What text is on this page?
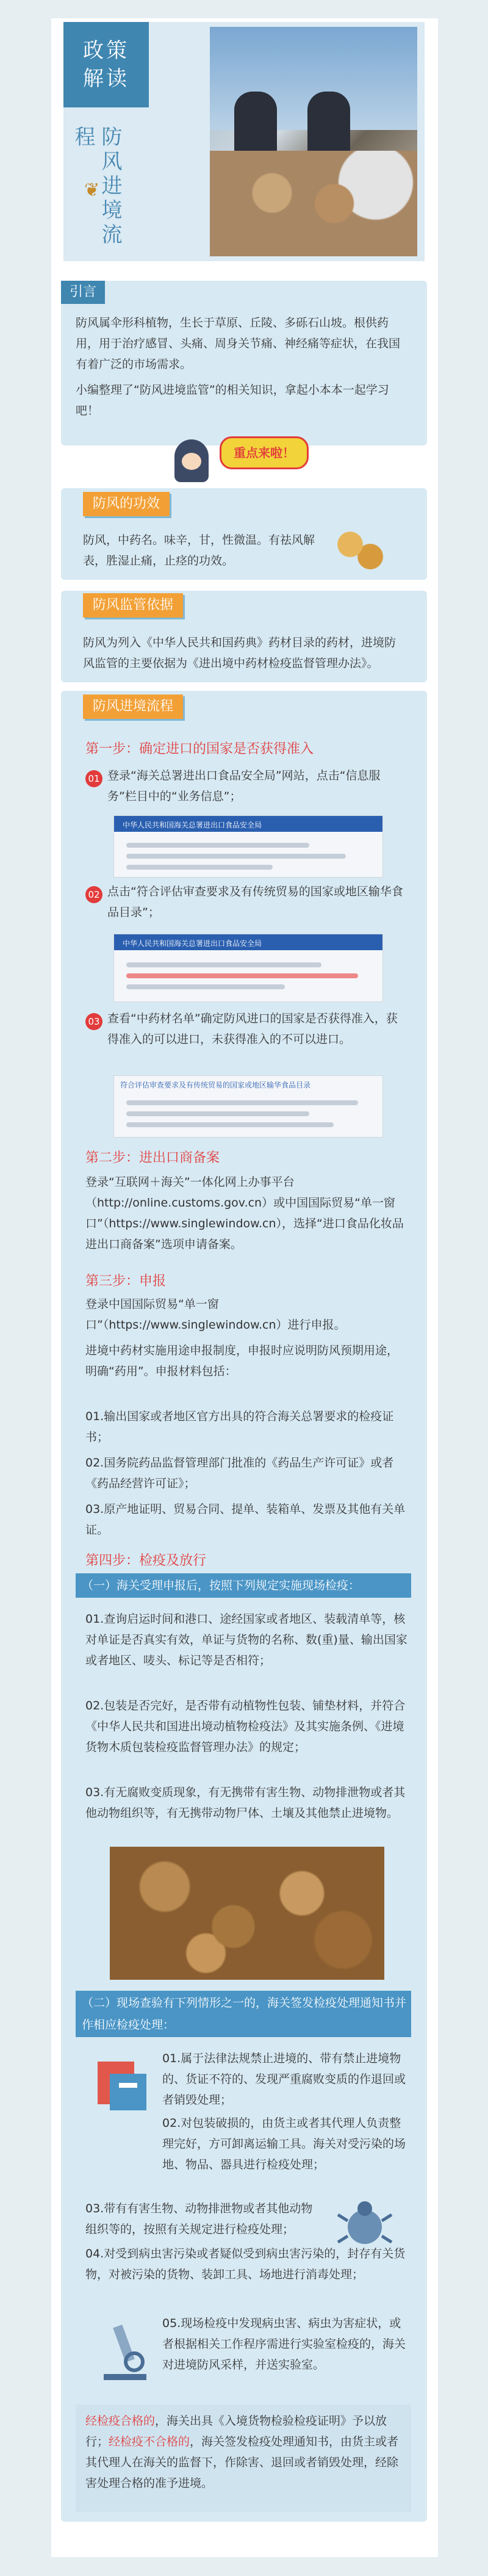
政策
解读
防风进境流程
❦
引言
防风属伞形科植物，生长于草原、丘陵、多砾石山坡。根供药用，用于治疗感冒、头痛、周身关节痛、神经痛等症状，在我国有着广泛的市场需求。
小编整理了“防风进境监管”的相关知识，拿起小本本一起学习吧！
重点来啦！
防风的功效
防风，中药名。味辛，甘，性微温。有祛风解表，胜湿止痛，止痉的功效。
防风监管依据
防风为列入《中华人民共和国药典》药材目录的药材，进境防风监管的主要依据为《进出境中药材检疫监督管理办法》。
防风进境流程
第一步：确定进口的国家是否获得准入
01 登录“海关总署进出口食品安全局”网站，点击“信息服务”栏目中的“业务信息”；
中华人民共和国海关总署进出口食品安全局
02 点击“符合评估审查要求及有传统贸易的国家或地区输华食品目录”；
中华人民共和国海关总署进出口食品安全局
03 查看“中药材名单”确定防风进口的国家是否获得准入，获得准入的可以进口，未获得准入的不可以进口。
符合评估审查要求及有传统贸易的国家或地区输华食品目录
第二步：进出口商备案
登录“互联网＋海关”一体化网上办事平台（http://online.customs.gov.cn）或中国国际贸易“单一窗口”（https://www.singlewindow.cn），选择“进口食品化妆品进出口商备案”选项申请备案。
第三步：申报
登录中国国际贸易“单一窗口”（https://www.singlewindow.cn）进行申报。
进境中药材实施用途申报制度，申报时应说明防风预期用途，明确“药用”。申报材料包括：
01.输出国家或者地区官方出具的符合海关总署要求的检疫证书；
02.国务院药品监督管理部门批准的《药品生产许可证》或者《药品经营许可证》；
03.原产地证明、贸易合同、提单、装箱单、发票及其他有关单证。
第四步：检疫及放行
（一）海关受理申报后，按照下列规定实施现场检疫：
01.查询启运时间和港口、途经国家或者地区、装载清单等，核对单证是否真实有效，单证与货物的名称、数(重)量、输出国家或者地区、唛头、标记等是否相符；
02.包装是否完好，是否带有动植物性包装、铺垫材料，并符合《中华人民共和国进出境动植物检疫法》及其实施条例、《进境货物木质包装检疫监督管理办法》的规定；
03.有无腐败变质现象，有无携带有害生物、动物排泄物或者其他动物组织等，有无携带动物尸体、土壤及其他禁止进境物。
（二）现场查验有下列情形之一的，海关签发检疫处理通知书并作相应检疫处理：
01.属于法律法规禁止进境的、带有禁止进境物的、货证不符的、发现严重腐败变质的作退回或者销毁处理；
02.对包装破损的，由货主或者其代理人负责整理完好，方可卸离运输工具。海关对受污染的场地、物品、器具进行检疫处理；
03.带有有害生物、动物排泄物或者其他动物组织等的，按照有关规定进行检疫处理；
04.对受到病虫害污染或者疑似受到病虫害污染的，封存有关货物，对被污染的货物、装卸工具、场地进行消毒处理；
05.现场检疫中发现病虫害、病虫为害症状，或者根据相关工作程序需进行实验室检疫的，海关对进境防风采样，并送实验室。
经检疫合格的，海关出具《入境货物检验检疫证明》予以放行；经检疫不合格的，海关签发检疫处理通知书，由货主或者其代理人在海关的监督下，作除害、退回或者销毁处理，经除害处理合格的准予进境。
